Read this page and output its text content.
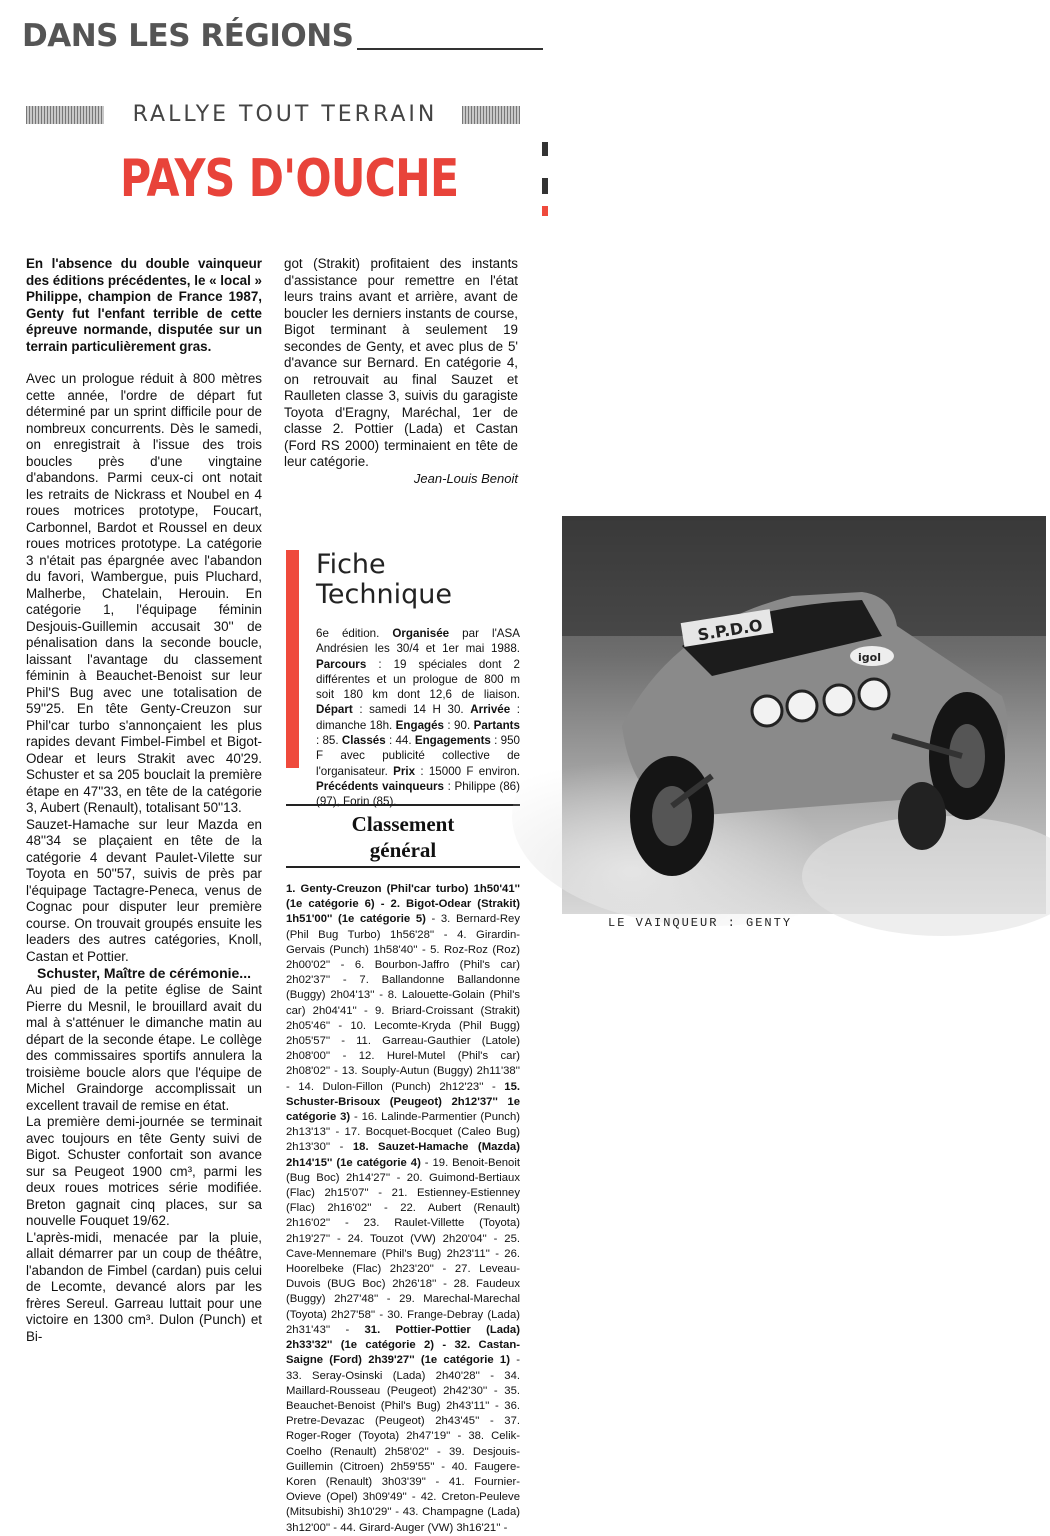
DANS LES RÉGIONS
RALLYE TOUT TERRAIN
PAYS D'OUCHE

En l'absence du double vainqueur des éditions précédentes, le « local » Philippe, champion de France 1987, Genty fut l'enfant terrible de cette épreuve normande, disputée sur un terrain particulièrement gras.

Avec un prologue réduit à 800 mètres cette année, l'ordre de départ fut déterminé par un sprint difficile pour de nombreux concurrents. Dès le samedi, on enregistrait à l'issue des trois boucles près d'une vingtaine d'abandons. Parmi ceux-ci ont notait les retraits de Nickrass et Noubel en 4 roues motrices prototype, Foucart, Carbonnel, Bardot et Roussel en deux roues motrices prototype. La catégorie 3 n'était pas épargnée avec l'abandon du favori, Wambergue, puis Pluchard, Malherbe, Chatelain, Herouin. En catégorie 1, l'équipage féminin Desjouis-Guillemin accusait 30'' de pénalisation dans la seconde boucle, laissant l'avantage du classement féminin à Beauchet-Benoist sur leur Phil'S Bug avec une totalisation de 59''25. En tête Genty-Creuzon sur Phil'car turbo s'annonçaient les plus rapides devant Fimbel-Fimbel et Bigot-Odear et leurs Strakit avec 40'29. Schuster et sa 205 bouclait la première étape en 47''33, en tête de la catégorie 3, Aubert (Renault), totalisant 50''13.

Sauzet-Hamache sur leur Mazda en 48''34 se plaçaient en tête de la catégorie 4 devant Paulet-Vilette sur Toyota en 50''57, suivis de près par l'équipage Tactagre-Peneca, venus de Cognac pour disputer leur première course. On trouvait groupés ensuite les leaders des autres catégories, Knoll, Castan et Pottier.

Schuster, Maître de cérémonie...

Au pied de la petite église de Saint Pierre du Mesnil, le brouillard avait du mal à s'atténuer le dimanche matin au départ de la seconde étape. Le collège des commissaires sportifs annulera la troisième boucle alors que l'équipe de Michel Graindorge accomplissait un excellent travail de remise en état.

La première demi-journée se terminait avec toujours en tête Genty suivi de Bigot. Schuster confortait son avance sur sa Peugeot 1900 cm³, parmi les deux roues motrices série modifiée. Breton gagnait cinq places, sur sa nouvelle Fouquet 19/62.

L'après-midi, menacée par la pluie, allait démarrer par un coup de théâtre, l'abandon de Fimbel (cardan) puis celui de Lecomte, devancé alors par les frères Sereul. Garreau luttait pour une victoire en 1300 cm³. Dulon (Punch) et Bi-

got (Strakit) profitaient des instants d'assistance pour remettre en l'état leurs trains avant et arrière, avant de boucler les derniers instants de course, Bigot terminant à seulement 19 secondes de Genty, et avec plus de 5' d'avance sur Bernard. En catégorie 4, on retrouvait au final Sauzet et Raulleten classe 3, suivis du garagiste Toyota d'Eragny, Maréchal, 1er de classe 2. Pottier (Lada) et Castan (Ford RS 2000) terminaient en tête de leur catégorie.

Jean-Louis Benoit

Fiche
Technique
6e édition. Organisée par l'ASA Andrésien les 30/4 et 1er mai 1988. Parcours : 19 spéciales dont 2 différentes et un prologue de 800 m soit 180 km dont 12,6 de liaison. Départ : samedi 14 H 30. Arrivée : dimanche 18h. Engagés : 90. Partants : 85. Classés : 44. Engagements : 950 F avec publicité collective de l'organisateur. Prix : 15000 F environ. Précédents vainqueurs : Philippe (86) (97), Forin (85).
Classement
général
1. Genty-Creuzon (Phil'car turbo) 1h50'41'' (1e catégorie 6) - 2. Bigot-Odear (Strakit) 1h51'00'' (1e catégorie 5) - 3. Bernard-Rey (Phil Bug Turbo) 1h56'28'' - 4. Girardin-Gervais (Punch) 1h58'40'' - 5. Roz-Roz (Roz) 2h00'02'' - 6. Bourbon-Jaffro (Phil's car) 2h02'37'' - 7. Ballandonne Ballandonne (Buggy) 2h04'13'' - 8. Lalouette-Golain (Phil's car) 2h04'41'' - 9. Briard-Croissant (Strakit) 2h05'46'' - 10. Lecomte-Kryda (Phil Bugg) 2h05'57'' - 11. Garreau-Gauthier (Latole) 2h08'00'' - 12. Hurel-Mutel (Phil's car) 2h08'02'' - 13. Souply-Autun (Buggy) 2h11'38'' - 14. Dulon-Fillon (Punch) 2h12'23'' - 15. Schuster-Brisoux (Peugeot) 2h12'37'' 1e catégorie 3) - 16. Lalinde-Parmentier (Punch) 2h13'13'' - 17. Bocquet-Bocquet (Caleo Bug) 2h13'30'' - 18. Sauzet-Hamache (Mazda) 2h14'15'' (1e catégorie 4) - 19. Benoit-Benoit (Bug Boc) 2h14'27'' - 20. Guimond-Bertiaux (Flac) 2h15'07'' - 21. Estienney-Estienney (Flac) 2h16'02'' - 22. Aubert (Renault) 2h16'02'' - 23. Raulet-Villette (Toyota) 2h19'27'' - 24. Touzot (VW) 2h20'04'' - 25. Cave-Mennemare (Phil's Bug) 2h23'11'' - 26. Hoorelbeke (Flac) 2h23'20'' - 27. Leveau-Duvois (BUG Boc) 2h26'18'' - 28. Faudeux (Buggy) 2h27'48'' - 29. Marechal-Marechal (Toyota) 2h27'58'' - 30. Frange-Debray (Lada) 2h31'43'' - 31. Pottier-Pottier (Lada) 2h33'32'' (1e catégorie 2) - 32. Castan-Saigne (Ford) 2h39'27'' (1e catégorie 1) - 33. Seray-Osinski (Lada) 2h40'28'' - 34. Maillard-Rousseau (Peugeot) 2h42'30'' - 35. Beauchet-Benoist (Phil's Bug) 2h43'11'' - 36. Pretre-Devazac (Peugeot) 2h43'45'' - 37. Roger-Roger (Toyota) 2h47'19'' - 38. Celik-Coelho (Renault) 2h58'02'' - 39. Desjouis-Guillemin (Citroen) 2h59'55'' - 40. Faugere-Koren (Renault) 3h03'39'' - 41. Fournier-Ovieve (Opel) 3h09'49'' - 42. Creton-Peuleve (Mitsubishi) 3h10'29'' - 43. Champagne (Lada) 3h12'00'' - 44. Girard-Auger (VW) 3h16'21'' -
S.P.D.O
igol
LE VAINQUEUR : GENTY
